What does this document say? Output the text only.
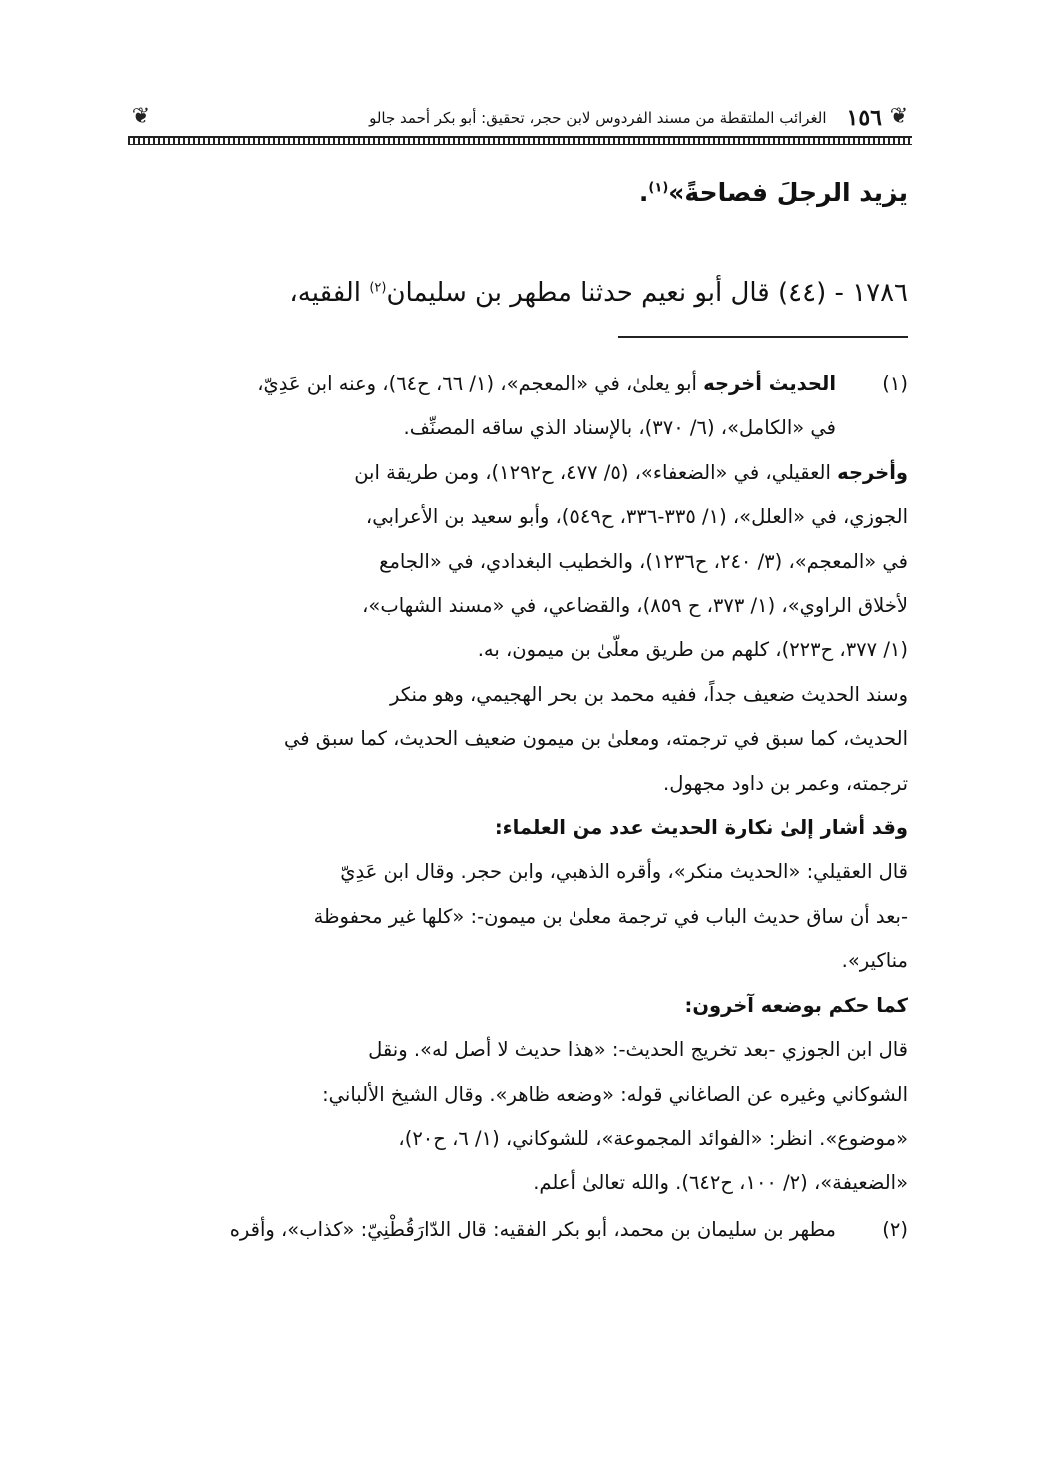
❦
❦	١٥٦
الغرائب الملتقطة من مسند الفردوس لابن حجر، تحقيق: أبو بكر أحمد جالو
يزيد الرجلَ فصاحةً»$^{(١)}$.
١٧٨٦ - (٤٤) قال أبو نعيم حدثنا مطهر بن سليمان$^{(٢)}$ الفقيه،
(١)
الحديث أخرجه أبو يعلىٰ، في «المعجم»، (١/ ٦٦، ح٦٤)، وعنه ابن عَدِيّ،
في «الكامل»، (٦/ ٣٧٠)، بالإسناد الذي ساقه المصنِّف.
وأخرجه العقيلي، في «الضعفاء»، (٥/ ٤٧٧، ح١٢٩٢)، ومن طريقة ابن
الجوزي، في «العلل»، (١/ ٣٣٥-٣٣٦، ح٥٤٩)، وأبو سعيد بن الأعرابي،
في «المعجم»، (٣/ ٢٤٠، ح١٢٣٦)، والخطيب البغدادي، في «الجامع
لأخلاق الراوي»، (١/ ٣٧٣، ح ٨٥٩)، والقضاعي، في «مسند الشهاب»،
(١/ ٣٧٧، ح٢٢٣)، كلهم من طريق معلّىٰ بن ميمون، به.
وسند الحديث ضعيف جداً، ففيه محمد بن بحر الهجيمي، وهو منكر
الحديث، كما سبق في ترجمته، ومعلىٰ بن ميمون ضعيف الحديث، كما سبق في
ترجمته، وعمر بن داود مجهول.
وقد أشار إلىٰ نكارة الحديث عدد من العلماء:
قال العقيلي: «الحديث منكر»، وأقره الذهبي، وابن حجر. وقال ابن عَدِيّ
-بعد أن ساق حديث الباب في ترجمة معلىٰ بن ميمون-: «كلها غير محفوظة
مناكير».
كما حكم بوضعه آخرون:
قال ابن الجوزي -بعد تخريج الحديث-: «هذا حديث لا أصل له». ونقل
الشوكاني وغيره عن الصاغاني قوله: «وضعه ظاهر». وقال الشيخ الألباني:
«موضوع». انظر: «الفوائد المجموعة»، للشوكاني، (١/ ٦، ح٢٠)،
«الضعيفة»، (٢/ ١٠٠، ح٦٤٢). والله تعالىٰ أعلم.
(٢)
مطهر بن سليمان بن محمد، أبو بكر الفقيه: قال الدّارَقُطْنِيّ: «كذاب»، وأقره
